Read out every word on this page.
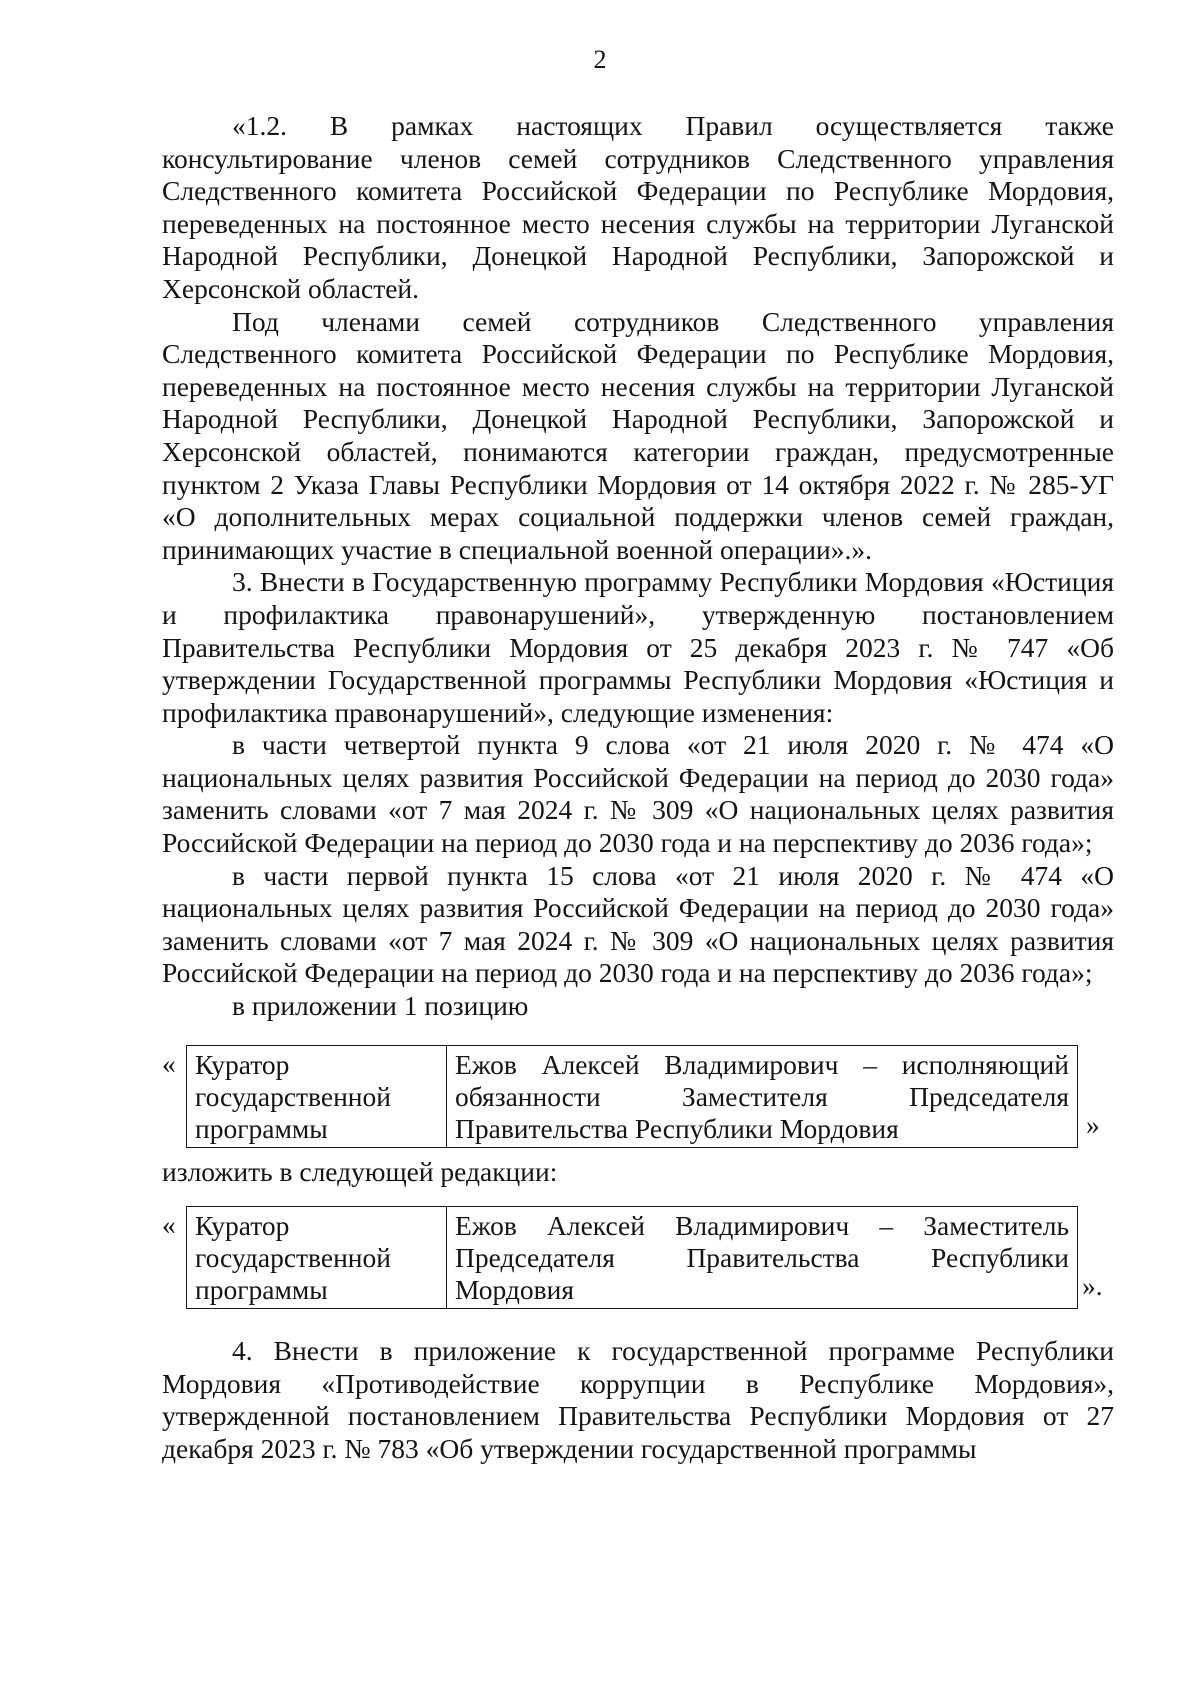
2

«1.2. В рамках настоящих Правил осуществляется также консультирование членов семей сотрудников Следственного управления Следственного комитета Российской Федерации по Республике Мордовия, переведенных на постоянное место несения службы на территории Луганской Народной Республики, Донецкой Народной Республики, Запорожской и Херсонской областей.

Под членами семей сотрудников Следственного управления Следственного комитета Российской Федерации по Республике Мордовия, переведенных на постоянное место несения службы на территории Луганской Народной Республики, Донецкой Народной Республики, Запорожской и Херсонской областей, понимаются категории граждан, предусмотренные пунктом 2 Указа Главы Республики Мордовия от 14 октября 2022 г. № 285-УГ «О дополнительных мерах социальной поддержки членов семей граждан, принимающих участие в специальной военной операции».».

3. Внести в Государственную программу Республики Мордовия «Юстиция и профилактика правонарушений», утвержденную постановлением Правительства Республики Мордовия от 25 декабря 2023 г. № 747 «Об утверждении Государственной программы Республики Мордовия «Юстиция и профилактика правонарушений», следующие изменения:

в части четвертой пункта 9 слова «от 21 июля 2020 г. № 474 «О национальных целях развития Российской Федерации на период до 2030 года» заменить словами «от 7 мая 2024 г. № 309 «О национальных целях развития Российской Федерации на период до 2030 года и на перспективу до 2036 года»;

в части первой пункта 15 слова «от 21 июля 2020 г. № 474 «О национальных целях развития Российской Федерации на период до 2030 года» заменить словами «от 7 мая 2024 г. № 309 «О национальных целях развития Российской Федерации на период до 2030 года и на перспективу до 2036 года»;

в приложении 1 позицию

« Куратор
государственной
программы

Ежов Алексей Владимирович – исполняющий
обязанности Заместителя Председателя
Правительства Республики Мордовия	»

изложить в следующей редакции:

« Куратор
государственной
программы

Ежов Алексей Владимирович – Заместитель
Председателя Правительства Республики
Мордовия	».

4. Внести в приложение к государственной программе Республики Мордовия «Противодействие коррупции в Республике Мордовия», утвержденной постановлением Правительства Республики Мордовия от 27 декабря 2023 г. № 783 «Об утверждении государственной программы
